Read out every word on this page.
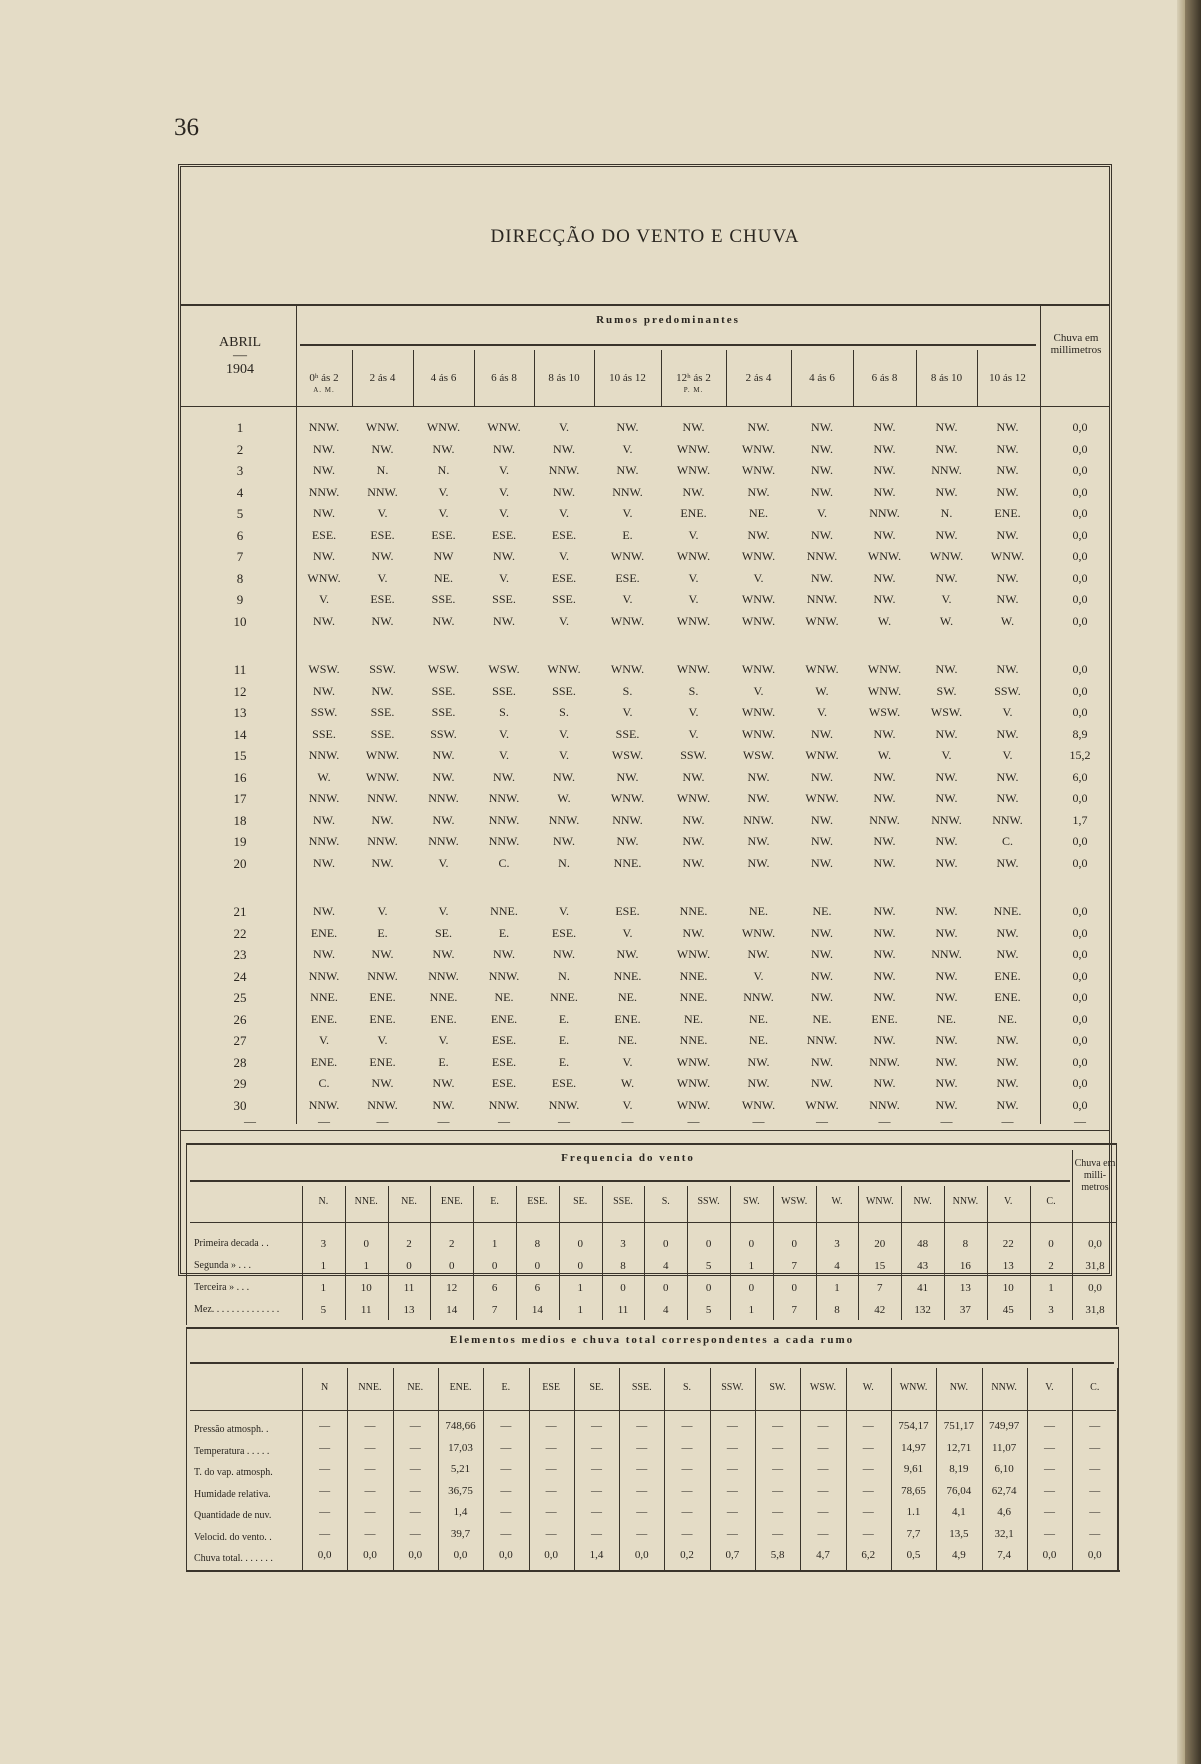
36
DIRECÇÃO DO VENTO E CHUVA
ABRIL
—
1904
Rumos predominantes
Chuva em millimetros
0ʰ ás 2
A. M.
2 ás 4	4 ás 6	6 ás 8	8 ás 10	10 ás 12	12ʰ ás 2
P. M.
2 ás 4	4 ás 6	6 ás 8	8 ás 10	10 ás 12
1	NNW.	WNW.	WNW.	WNW.	V.	NW.	NW.	NW.	NW.	NW.	NW.	NW.	0,0
2	NW.	NW.	NW.	NW.	NW.	V.	WNW.	WNW.	NW.	NW.	NW.	NW.	0,0
3	NW.	N.	N.	V.	NNW.	NW.	WNW.	WNW.	NW.	NW.	NNW.	NW.	0,0
4	NNW.	NNW.	V.	V.	NW.	NNW.	NW.	NW.	NW.	NW.	NW.	NW.	0,0
5	NW.	V.	V.	V.	V.	V.	ENE.	NE.	V.	NNW.	N.	ENE.	0,0
6	ESE.	ESE.	ESE.	ESE.	ESE.	E.	V.	NW.	NW.	NW.	NW.	NW.	0,0
7	NW.	NW.	NW	NW.	V.	WNW.	WNW.	WNW.	NNW.	WNW.	WNW.	WNW.	0,0
8	WNW.	V.	NE.	V.	ESE.	ESE.	V.	V.	NW.	NW.	NW.	NW.	0,0
9	V.	ESE.	SSE.	SSE.	SSE.	V.	V.	WNW.	NNW.	NW.	V.	NW.	0,0
10	NW.	NW.	NW.	NW.	V.	WNW.	WNW.	WNW.	WNW.	W.	W.	W.	0,0
11	WSW.	SSW.	WSW.	WSW.	WNW.	WNW.	WNW.	WNW.	WNW.	WNW.	NW.	NW.	0,0
12	NW.	NW.	SSE.	SSE.	SSE.	S.	S.	V.	W.	WNW.	SW.	SSW.	0,0
13	SSW.	SSE.	SSE.	S.	S.	V.	V.	WNW.	V.	WSW.	WSW.	V.	0,0
14	SSE.	SSE.	SSW.	V.	V.	SSE.	V.	WNW.	NW.	NW.	NW.	NW.	8,9
15	NNW.	WNW.	NW.	V.	V.	WSW.	SSW.	WSW.	WNW.	W.	V.	V.	15,2
16	W.	WNW.	NW.	NW.	NW.	NW.	NW.	NW.	NW.	NW.	NW.	NW.	6,0
17	NNW.	NNW.	NNW.	NNW.	W.	WNW.	WNW.	NW.	WNW.	NW.	NW.	NW.	0,0
18	NW.	NW.	NW.	NNW.	NNW.	NNW.	NW.	NNW.	NW.	NNW.	NNW.	NNW.	1,7
19	NNW.	NNW.	NNW.	NNW.	NW.	NW.	NW.	NW.	NW.	NW.	NW.	C.	0,0
20	NW.	NW.	V.	C.	N.	NNE.	NW.	NW.	NW.	NW.	NW.	NW.	0,0
21	NW.	V.	V.	NNE.	V.	ESE.	NNE.	NE.	NE.	NW.	NW.	NNE.	0,0
22	ENE.	E.	SE.	E.	ESE.	V.	NW.	WNW.	NW.	NW.	NW.	NW.	0,0
23	NW.	NW.	NW.	NW.	NW.	NW.	WNW.	NW.	NW.	NW.	NNW.	NW.	0,0
24	NNW.	NNW.	NNW.	NNW.	N.	NNE.	NNE.	V.	NW.	NW.	NW.	ENE.	0,0
25	NNE.	ENE.	NNE.	NE.	NNE.	NE.	NNE.	NNW.	NW.	NW.	NW.	ENE.	0,0
26	ENE.	ENE.	ENE.	ENE.	E.	ENE.	NE.	NE.	NE.	ENE.	NE.	NE.	0,0
27	V.	V.	V.	ESE.	E.	NE.	NNE.	NE.	NNW.	NW.	NW.	NW.	0,0
28	ENE.	ENE.	E.	ESE.	E.	V.	WNW.	NW.	NW.	NNW.	NW.	NW.	0,0
29	C.	NW.	NW.	ESE.	ESE.	W.	WNW.	NW.	NW.	NW.	NW.	NW.	0,0
30	NNW.	NNW.	NW.	NNW.	NNW.	V.	WNW.	WNW.	WNW.	NNW.	NW.	NW.	0,0
—	—	—	—	—	—	—	—	—	—	—	—
—	—
Frequencia do vento
N.	NNE.	NE.	ENE.	E.	ESE.	SE.	SSE.	S.	SSW.	SW.	WSW.	W.	WNW.	NW.	NNW.	V.	C.
Chuva em milli-metros
Primeira decada . .	3	0	2	2	1	8	0	3	0	0	0	0	3	20	48	8	22	0	0,0
Segunda » . . .	1	1	0	0	0	0	0	8	4	5	1	7	4	15	43	16	13	2	31,8
Terceira » . . .	1	10	11	12	6	6	1	0	0	0	0	0	1	7	41	13	10	1	0,0
Mez. . . . . . . . . . . . . .	5	11	13	14	7	14	1	11	4	5	1	7	8	42	132	37	45	3	31,8
Elementos medios e chuva total correspondentes a cada rumo
N	NNE.	NE.	ENE.	E.	ESE	SE.	SSE.	S.	SSW.	SW.	WSW.	W.	WNW.	NW.	NNW.	V.	C.
Pressão atmosph. .	—	—	—	748,66	—	—	—	—	—	—	—	—	—	754,17	751,17	749,97	—	—
Temperatura . . . . .	—	—	—	17,03	—	—	—	—	—	—	—	—	—	14,97	12,71	11,07	—	—
T. do vap. atmosph.	—	—	—	5,21	—	—	—	—	—	—	—	—	—	9,61	8,19	6,10	—	—
Humidade relativa.	—	—	—	36,75	—	—	—	—	—	—	—	—	—	78,65	76,04	62,74	—	—
Quantidade de nuv.	—	—	—	1,4	—	—	—	—	—	—	—	—	—	1.1	4,1	4,6	—	—
Velocid. do vento. .	—	—	—	39,7	—	—	—	—	—	—	—	—	—	7,7	13,5	32,1	—	—
Chuva total. . . . . . .	0,0	0,0	0,0	0,0	0,0	0,0	1,4	0,0	0,2	0,7	5,8	4,7	6,2	0,5	4,9	7,4	0,0	0,0
